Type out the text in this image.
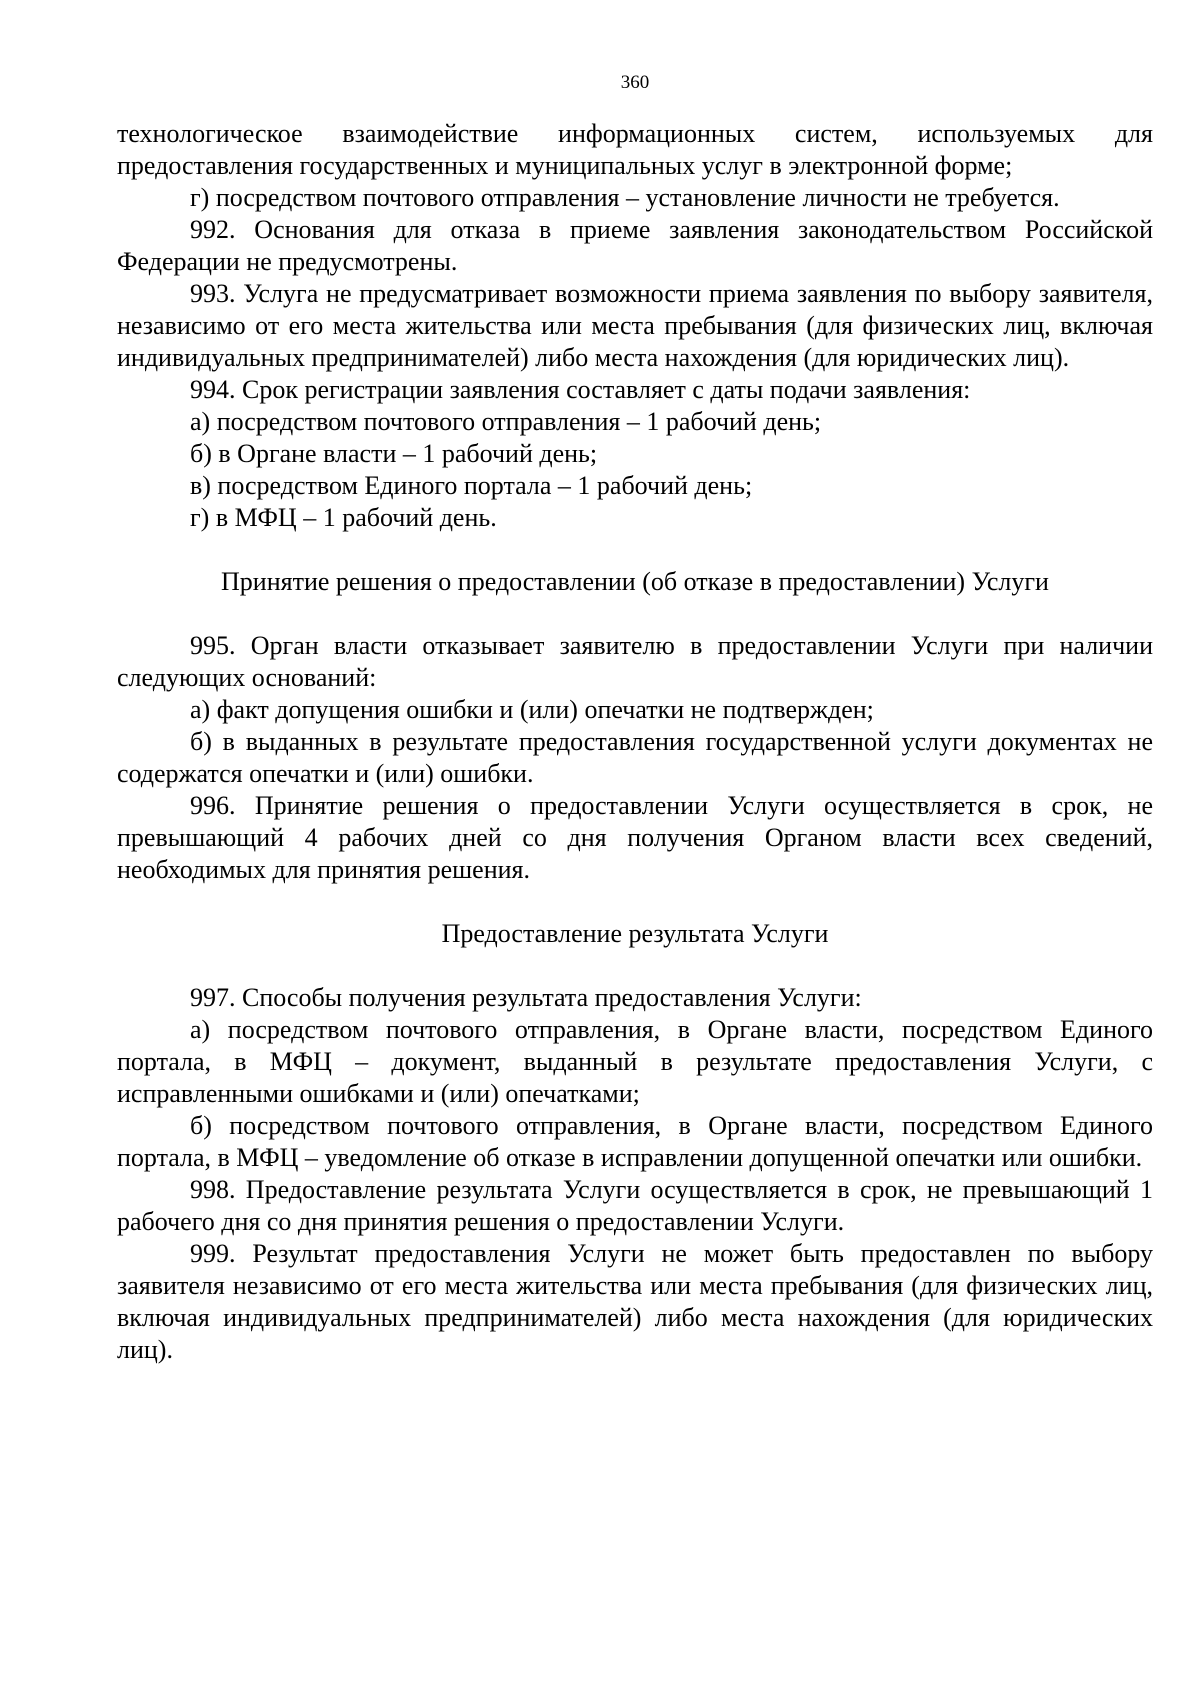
360

технологическое взаимодействие информационных систем, используемых для предоставления государственных и муниципальных услуг в электронной форме;

г) посредством почтового отправления – установление личности не требуется.

992. Основания для отказа в приеме заявления законодательством Российской Федерации не предусмотрены.

993. Услуга не предусматривает возможности приема заявления по выбору заявителя, независимо от его места жительства или места пребывания (для физических лиц, включая индивидуальных предпринимателей) либо места нахождения (для юридических лиц).

994. Срок регистрации заявления составляет с даты подачи заявления:

а) посредством почтового отправления – 1 рабочий день;

б) в Органе власти – 1 рабочий день;

в) посредством Единого портала – 1 рабочий день;

г) в МФЦ – 1 рабочий день.

Принятие решения о предоставлении (об отказе в предоставлении) Услуги

995. Орган власти отказывает заявителю в предоставлении Услуги при наличии следующих оснований:

а) факт допущения ошибки и (или) опечатки не подтвержден;

б) в выданных в результате предоставления государственной услуги документах не содержатся опечатки и (или) ошибки.

996. Принятие решения о предоставлении Услуги осуществляется в срок, не превышающий 4 рабочих дней со дня получения Органом власти всех сведений, необходимых для принятия решения.

Предоставление результата Услуги

997. Способы получения результата предоставления Услуги:

а) посредством почтового отправления, в Органе власти, посредством Единого портала, в МФЦ – документ, выданный в результате предоставления Услуги, с исправленными ошибками и (или) опечатками;

б) посредством почтового отправления, в Органе власти, посредством Единого портала, в МФЦ – уведомление об отказе в исправлении допущенной опечатки или ошибки.

998. Предоставление результата Услуги осуществляется в срок, не превышающий 1 рабочего дня со дня принятия решения о предоставлении Услуги.

999. Результат предоставления Услуги не может быть предоставлен по выбору заявителя независимо от его места жительства или места пребывания (для физических лиц, включая индивидуальных предпринимателей) либо места нахождения (для юридических лиц).
